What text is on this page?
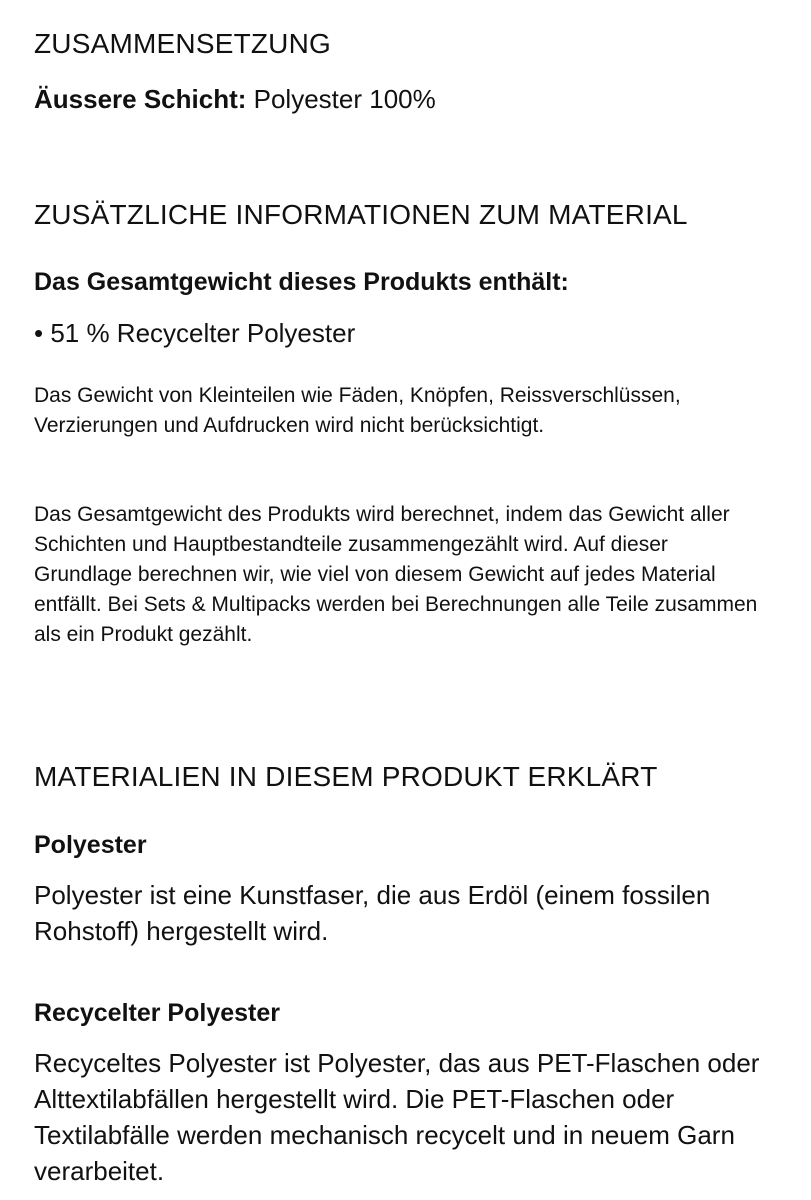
ZUSAMMENSETZUNG

Äussere Schicht: Polyester 100%

ZUSÄTZLICHE INFORMATIONEN ZUM MATERIAL
Das Gesamtgewicht dieses Produkts enthält:

• 51 % Recycelter Polyester

Das Gewicht von Kleinteilen wie Fäden, Knöpfen, Reissverschlüssen, Verzierungen und Aufdrucken wird nicht berücksichtigt.

Das Gesamtgewicht des Produkts wird berechnet, indem das Gewicht aller Schichten und Hauptbestandteile zusammengezählt wird. Auf dieser Grundlage berechnen wir, wie viel von diesem Gewicht auf jedes Material entfällt. Bei Sets & Multipacks werden bei Berechnungen alle Teile zusammen als ein Produkt gezählt.

MATERIALIEN IN DIESEM PRODUKT ERKLÄRT
Polyester

Polyester ist eine Kunstfaser, die aus Erdöl (einem fossilen Rohstoff) hergestellt wird.

Recycelter Polyester

Recyceltes Polyester ist Polyester, das aus PET-Flaschen oder Alttextilabfällen hergestellt wird. Die PET-Flaschen oder Textilabfälle werden mechanisch recycelt und in neuem Garn verarbeitet.
